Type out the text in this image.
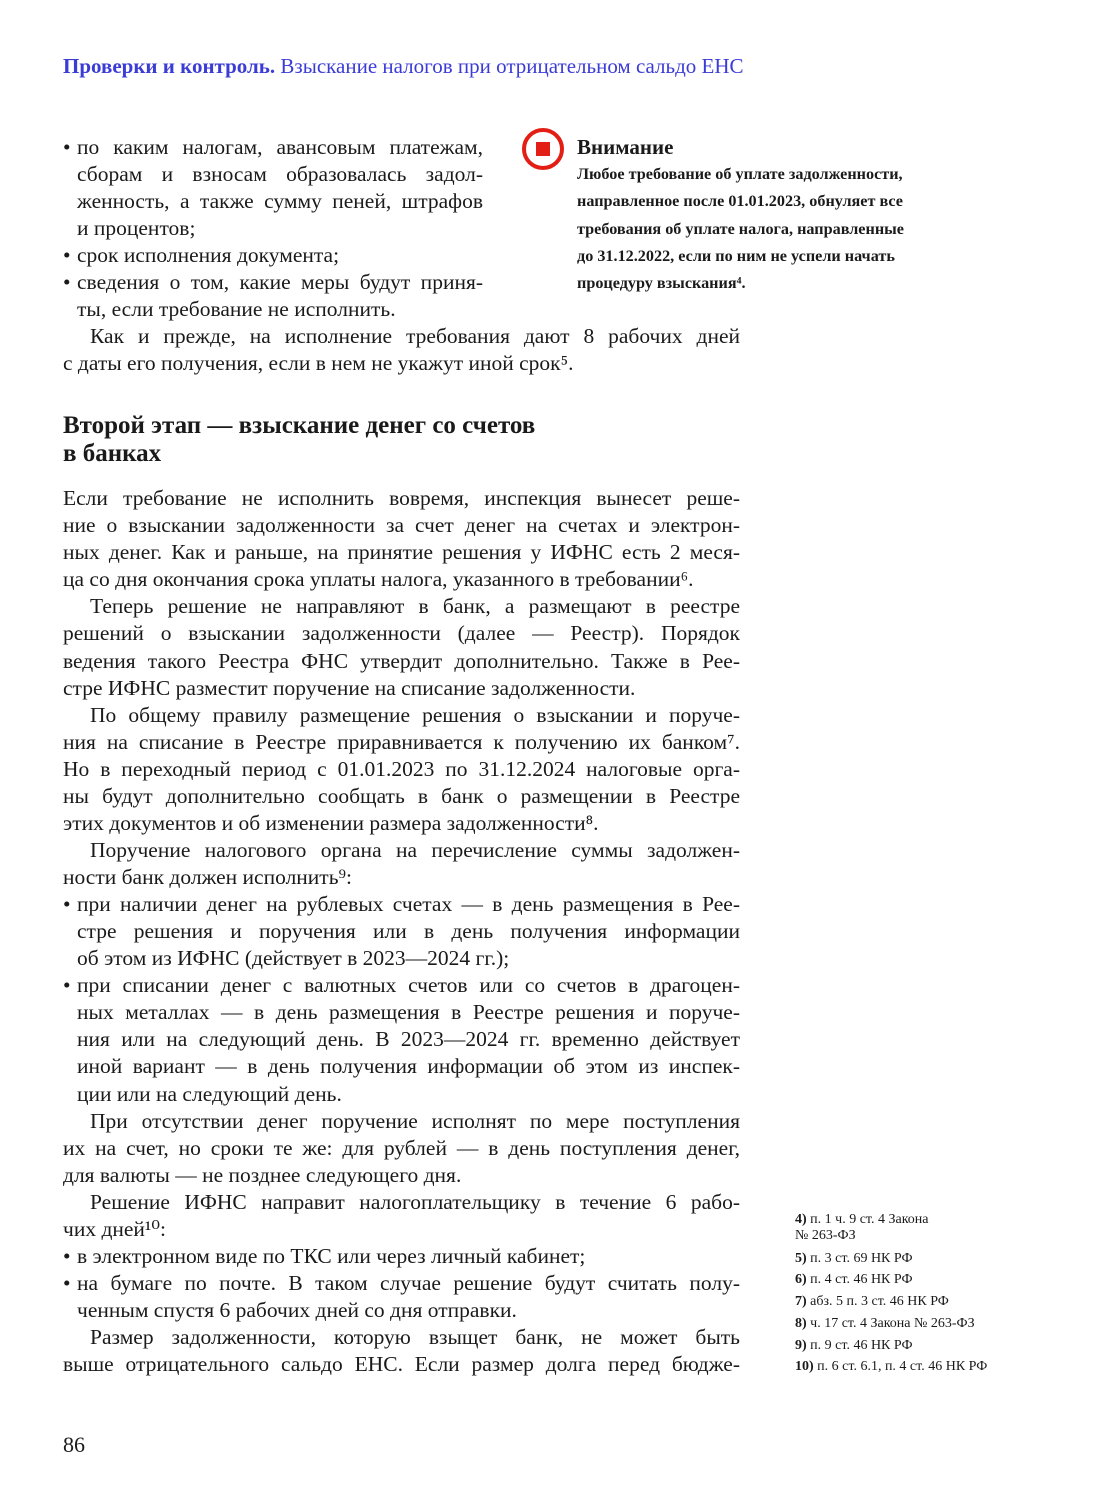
Проверки и контроль. Взыскание налогов при отрицательном сальдо ЕНС
• по каким налогам, авансовым платежам,
сборам и взносам образовалась задол-
женность, а также сумму пеней, штрафов
и процентов;
• срок исполнения документа;
• сведения о том, какие меры будут приня-
ты, если требование не исполнить.
Внимание
Любое требование об уплате задолженности,
направленное после 01.01.2023, обнуляет все
требования об уплате налога, направленные
до 31.12.2022, если по ним не успели начать
процедуру взыскания⁴.
Как и прежде, на исполнение требования дают 8 рабочих дней
с даты его получения, если в нем не укажут иной срок⁵.
Второй этап — взыскание денег со счетов
в банках
Если требование не исполнить вовремя, инспекция вынесет реше-
ние о взыскании задолженности за счет денег на счетах и электрон-
ных денег. Как и раньше, на принятие решения у ИФНС есть 2 меся-
ца со дня окончания срока уплаты налога, указанного в требовании⁶.
Теперь решение не направляют в банк, а размещают в реестре
решений о взыскании задолженности (далее — Реестр). Порядок
ведения такого Реестра ФНС утвердит дополнительно. Также в Рее-
стре ИФНС разместит поручение на списание задолженности.
По общему правилу размещение решения о взыскании и поруче-
ния на списание в Реестре приравнивается к получению их банком⁷.
Но в переходный период с 01.01.2023 по 31.12.2024 налоговые орга-
ны будут дополнительно сообщать в банк о размещении в Реестре
этих документов и об изменении размера задолженности⁸.
Поручение налогового органа на перечисление суммы задолжен-
ности банк должен исполнить⁹:
• при наличии денег на рублевых счетах — в день размещения в Рее-
стре решения и поручения или в день получения информации
об этом из ИФНС (действует в 2023—2024 гг.);
• при списании денег с валютных счетов или со счетов в драгоцен-
ных металлах — в день размещения в Реестре решения и поруче-
ния или на следующий день. В 2023—2024 гг. временно действует
иной вариант — в день получения информации об этом из инспек-
ции или на следующий день.
При отсутствии денег поручение исполнят по мере поступления
их на счет, но сроки те же: для рублей — в день поступления денег,
для валюты — не позднее следующего дня.
Решение ИФНС направит налогоплательщику в течение 6 рабо-
чих дней¹⁰:
• в электронном виде по ТКС или через личный кабинет;
• на бумаге по почте. В таком случае решение будут считать полу-
ченным спустя 6 рабочих дней со дня отправки.
Размер задолженности, которую взыщет банк, не может быть
выше отрицательного сальдо ЕНС. Если размер долга перед бюдже-
4) п. 1 ч. 9 ст. 4 Закона
№ 263-ФЗ
5) п. 3 ст. 69 НК РФ
6) п. 4 ст. 46 НК РФ
7) абз. 5 п. 3 ст. 46 НК РФ
8) ч. 17 ст. 4 Закона № 263-ФЗ
9) п. 9 ст. 46 НК РФ
10) п. 6 ст. 6.1, п. 4 ст. 46 НК РФ
86
